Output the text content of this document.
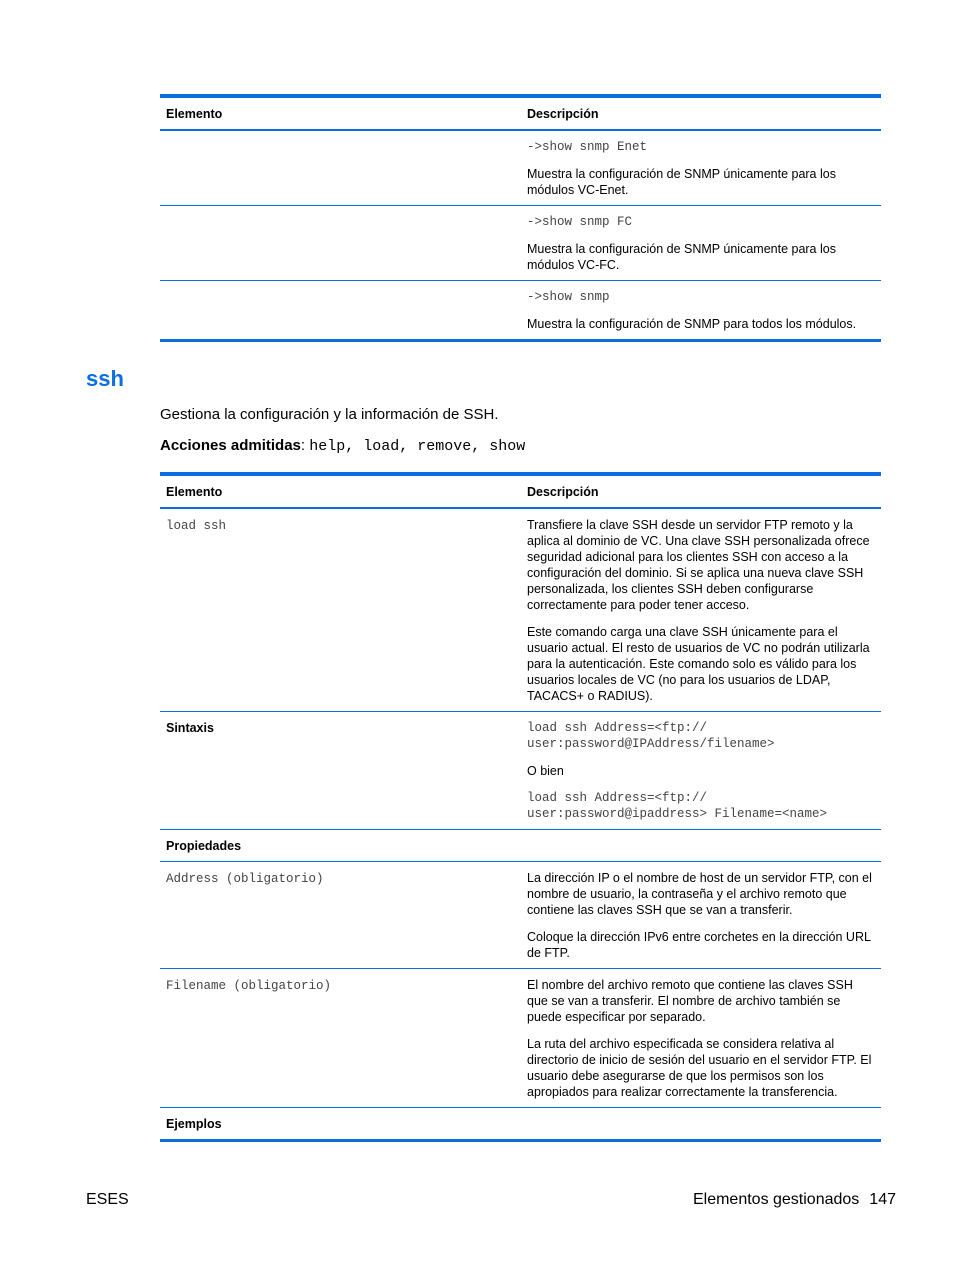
Elemento	Descripción

	->show snmp Enet

Muestra la configuración de SNMP únicamente para los módulos VC-Enet.

	->show snmp FC

Muestra la configuración de SNMP únicamente para los módulos VC-FC.

	->show snmp

Muestra la configuración de SNMP para todos los módulos.

ssh
Gestiona la configuración y la información de SSH.
Acciones admitidas: help, load, remove, show
Elemento	Descripción
load ssh	Transfiere la clave SSH desde un servidor FTP remoto y la aplica al dominio de VC. Una clave SSH personalizada ofrece seguridad adicional para los clientes SSH con acceso a la configuración del dominio. Si se aplica una nueva clave SSH personalizada, los clientes SSH deben configurarse correctamente para poder tener acceso.

Este comando carga una clave SSH únicamente para el usuario actual. El resto de usuarios de VC no podrán utilizarla para la autenticación. Este comando solo es válido para los usuarios locales de VC (no para los usuarios de LDAP, TACACS+ o RADIUS).

Sintaxis	load ssh Address=<ftp://
user:password@IPAddress/filename>

O bien

load ssh Address=<ftp://
user:password@ipaddress> Filename=<name>

Propiedades	
Address (obligatorio)	La dirección IP o el nombre de host de un servidor FTP, con el nombre de usuario, la contraseña y el archivo remoto que contiene las claves SSH que se van a transferir.

Coloque la dirección IPv6 entre corchetes en la dirección URL de FTP.

Filename (obligatorio)	El nombre del archivo remoto que contiene las claves SSH que se van a transferir. El nombre de archivo también se puede especificar por separado.

La ruta del archivo especificada se considera relativa al directorio de inicio de sesión del usuario en el servidor FTP. El usuario debe asegurarse de que los permisos son los apropiados para realizar correctamente la transferencia.

Ejemplos	
ESES	Elementos gestionados 147
